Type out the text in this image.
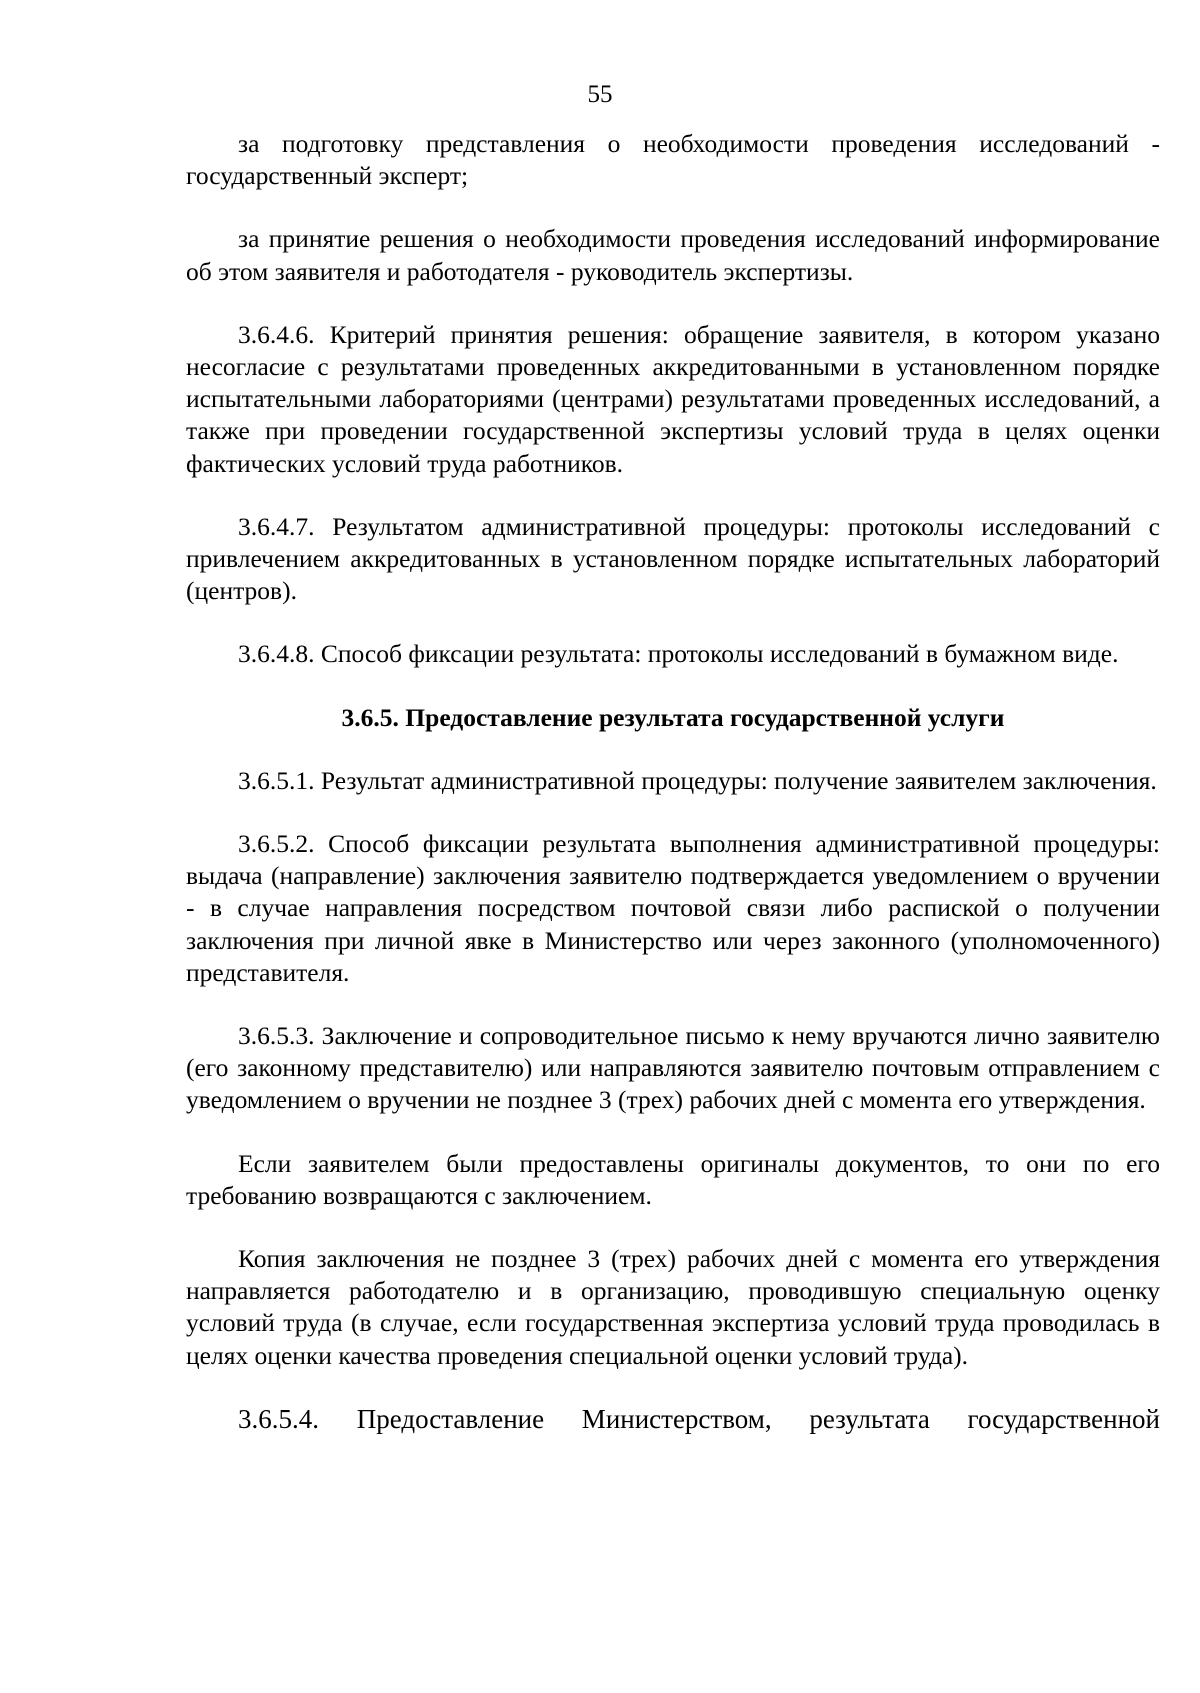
55

за подготовку представления о необходимости проведения исследований - государственный эксперт;

за принятие решения о необходимости проведения исследований информирование об этом заявителя и работодателя - руководитель экспертизы.

3.6.4.6. Критерий принятия решения: обращение заявителя, в котором указано несогласие с результатами проведенных аккредитованными в установленном порядке испытательными лабораториями (центрами) результатами проведенных исследований, а также при проведении государственной экспертизы условий труда в целях оценки фактических условий труда работников.

3.6.4.7. Результатом административной процедуры: протоколы исследований с привлечением аккредитованных в установленном порядке испытательных лабораторий (центров).

3.6.4.8. Способ фиксации результата: протоколы исследований в бумажном виде.

3.6.5. Предоставление результата государственной услуги

3.6.5.1. Результат административной процедуры: получение заявителем заключения.

3.6.5.2. Способ фиксации результата выполнения административной процедуры: выдача (направление) заключения заявителю подтверждается уведомлением о вручении - в случае направления посредством почтовой связи либо распиской о получении заключения при личной явке в Министерство или через законного (уполномоченного) представителя.

3.6.5.3. Заключение и сопроводительное письмо к нему вручаются лично заявителю (его законному представителю) или направляются заявителю почтовым отправлением с уведомлением о вручении не позднее 3 (трех) рабочих дней с момента его утверждения.

Если заявителем были предоставлены оригиналы документов, то они по его требованию возвращаются с заключением.

Копия заключения не позднее 3 (трех) рабочих дней с момента его утверждения направляется работодателю и в организацию, проводившую специальную оценку условий труда (в случае, если государственная экспертиза условий труда проводилась в целях оценки качества проведения специальной оценки условий труда).

3.6.5.4. Предоставление Министерством, результата государственной
